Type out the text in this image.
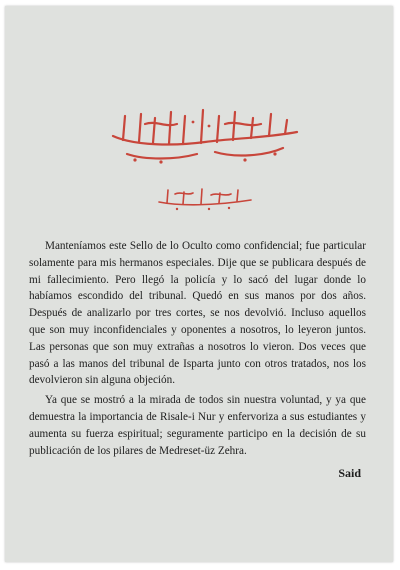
Manteníamos este Sello de lo Oculto como confidencial; fue particular solamente para mis hermanos especiales. Dije que se publicara después de mi fallecimiento. Pero llegó la policía y lo sacó del lugar donde lo habíamos escondido del tribunal. Quedó en sus manos por dos años. Después de analizarlo por tres cortes, se nos devolvió. Incluso aquellos que son muy inconfidenciales y oponentes a nosotros, lo leyeron juntos. Las personas que son muy extrañas a nosotros lo vieron. Dos veces que pasó a las manos del tribunal de Isparta junto con otros tratados, nos los devolvieron sin alguna objeción.

Ya que se mostró a la mirada de todos sin nuestra voluntad, y ya que demuestra la importancia de Risale-i Nur y enfervoriza a sus estudiantes y aumenta su fuerza espiritual; seguramente participo en la decisión de su publicación de los pilares de Medreset-üz Zehra.

Said
